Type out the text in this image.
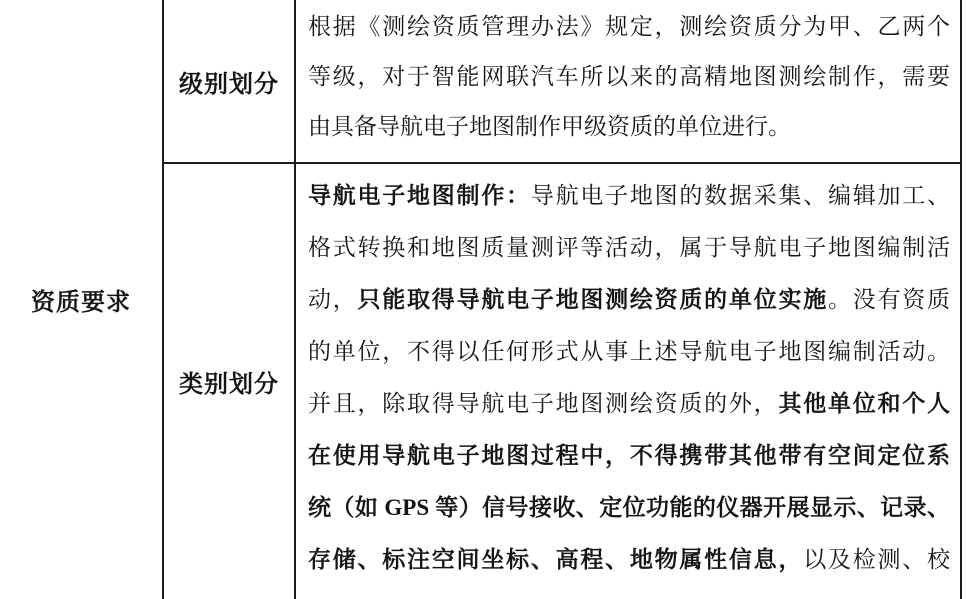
资质要求
级别划分
类别划分
根据《测绘资质管理办法》规定，测绘资质分为甲、乙两个
等级，对于智能网联汽车所以来的高精地图测绘制作，需要
由具备导航电子地图制作甲级资质的单位进行。
导航电子地图制作：导航电子地图的数据采集、编辑加工、
格式转换和地图质量测评等活动，属于导航电子地图编制活
动，只能取得导航电子地图测绘资质的单位实施。没有资质
的单位，不得以任何形式从事上述导航电子地图编制活动。
并且，除取得导航电子地图测绘资质的外，其他单位和个人
在使用导航电子地图过程中，不得携带其他带有空间定位系
统（如 GPS 等）信号接收、定位功能的仪器开展显示、记录、
存储、标注空间坐标、高程、地物属性信息，以及检测、校
